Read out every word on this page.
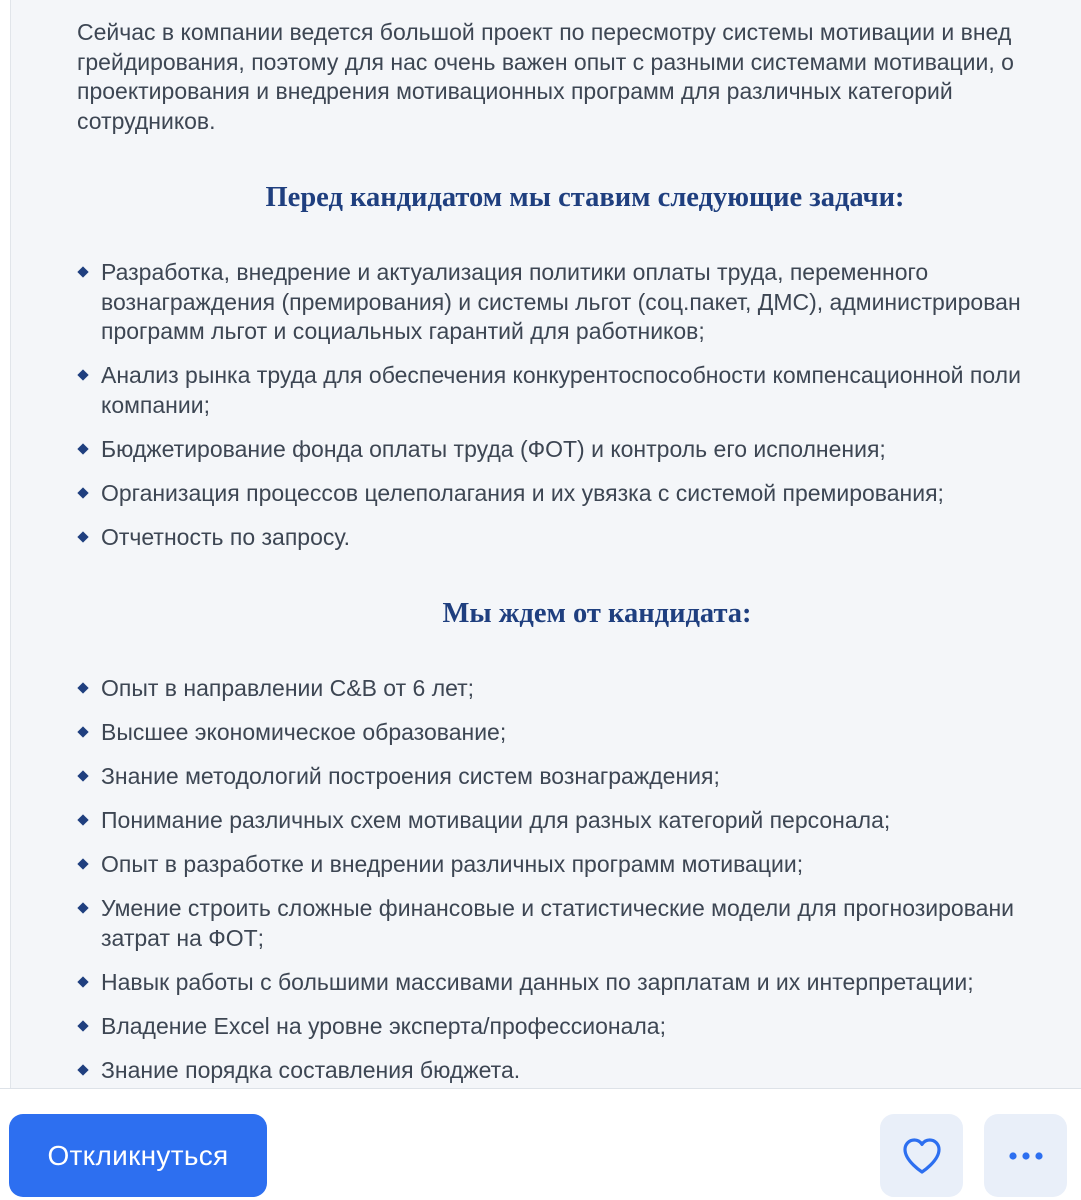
Сейчас в компании ведется большой проект по пересмотру системы мотивации и внед
грейдирования, поэтому для нас очень важен опыт с разными системами мотивации, о
проектирования и внедрения мотивационных программ для различных категорий
сотрудников.

Перед кандидатом мы ставим следующие задачи:
Разработка, внедрение и актуализация политики оплаты труда, переменного
вознаграждения (премирования) и системы льгот (соц.пакет, ДМС), администрирован
программ льгот и социальных гарантий для работников;
Анализ рынка труда для обеспечения конкурентоспособности компенсационной поли
компании;
Бюджетирование фонда оплаты труда (ФОТ) и контроль его исполнения;
Организация процессов целеполагания и их увязка с системой премирования;
Отчетность по запросу.
Мы ждем от кандидата:
Опыт в направлении С&B от 6 лет;
Высшее экономическое образование;
Знание методологий построения систем вознаграждения;
Понимание различных схем мотивации для разных категорий персонала;
Опыт в разработке и внедрении различных программ мотивации;
Умение строить сложные финансовые и статистические модели для прогнозировани
затрат на ФОТ;
Навык работы с большими массивами данных по зарплатам и их интерпретации;
Владение Excel на уровне эксперта/профессионала;
Знание порядка составления бюджета.
Откликнуться
